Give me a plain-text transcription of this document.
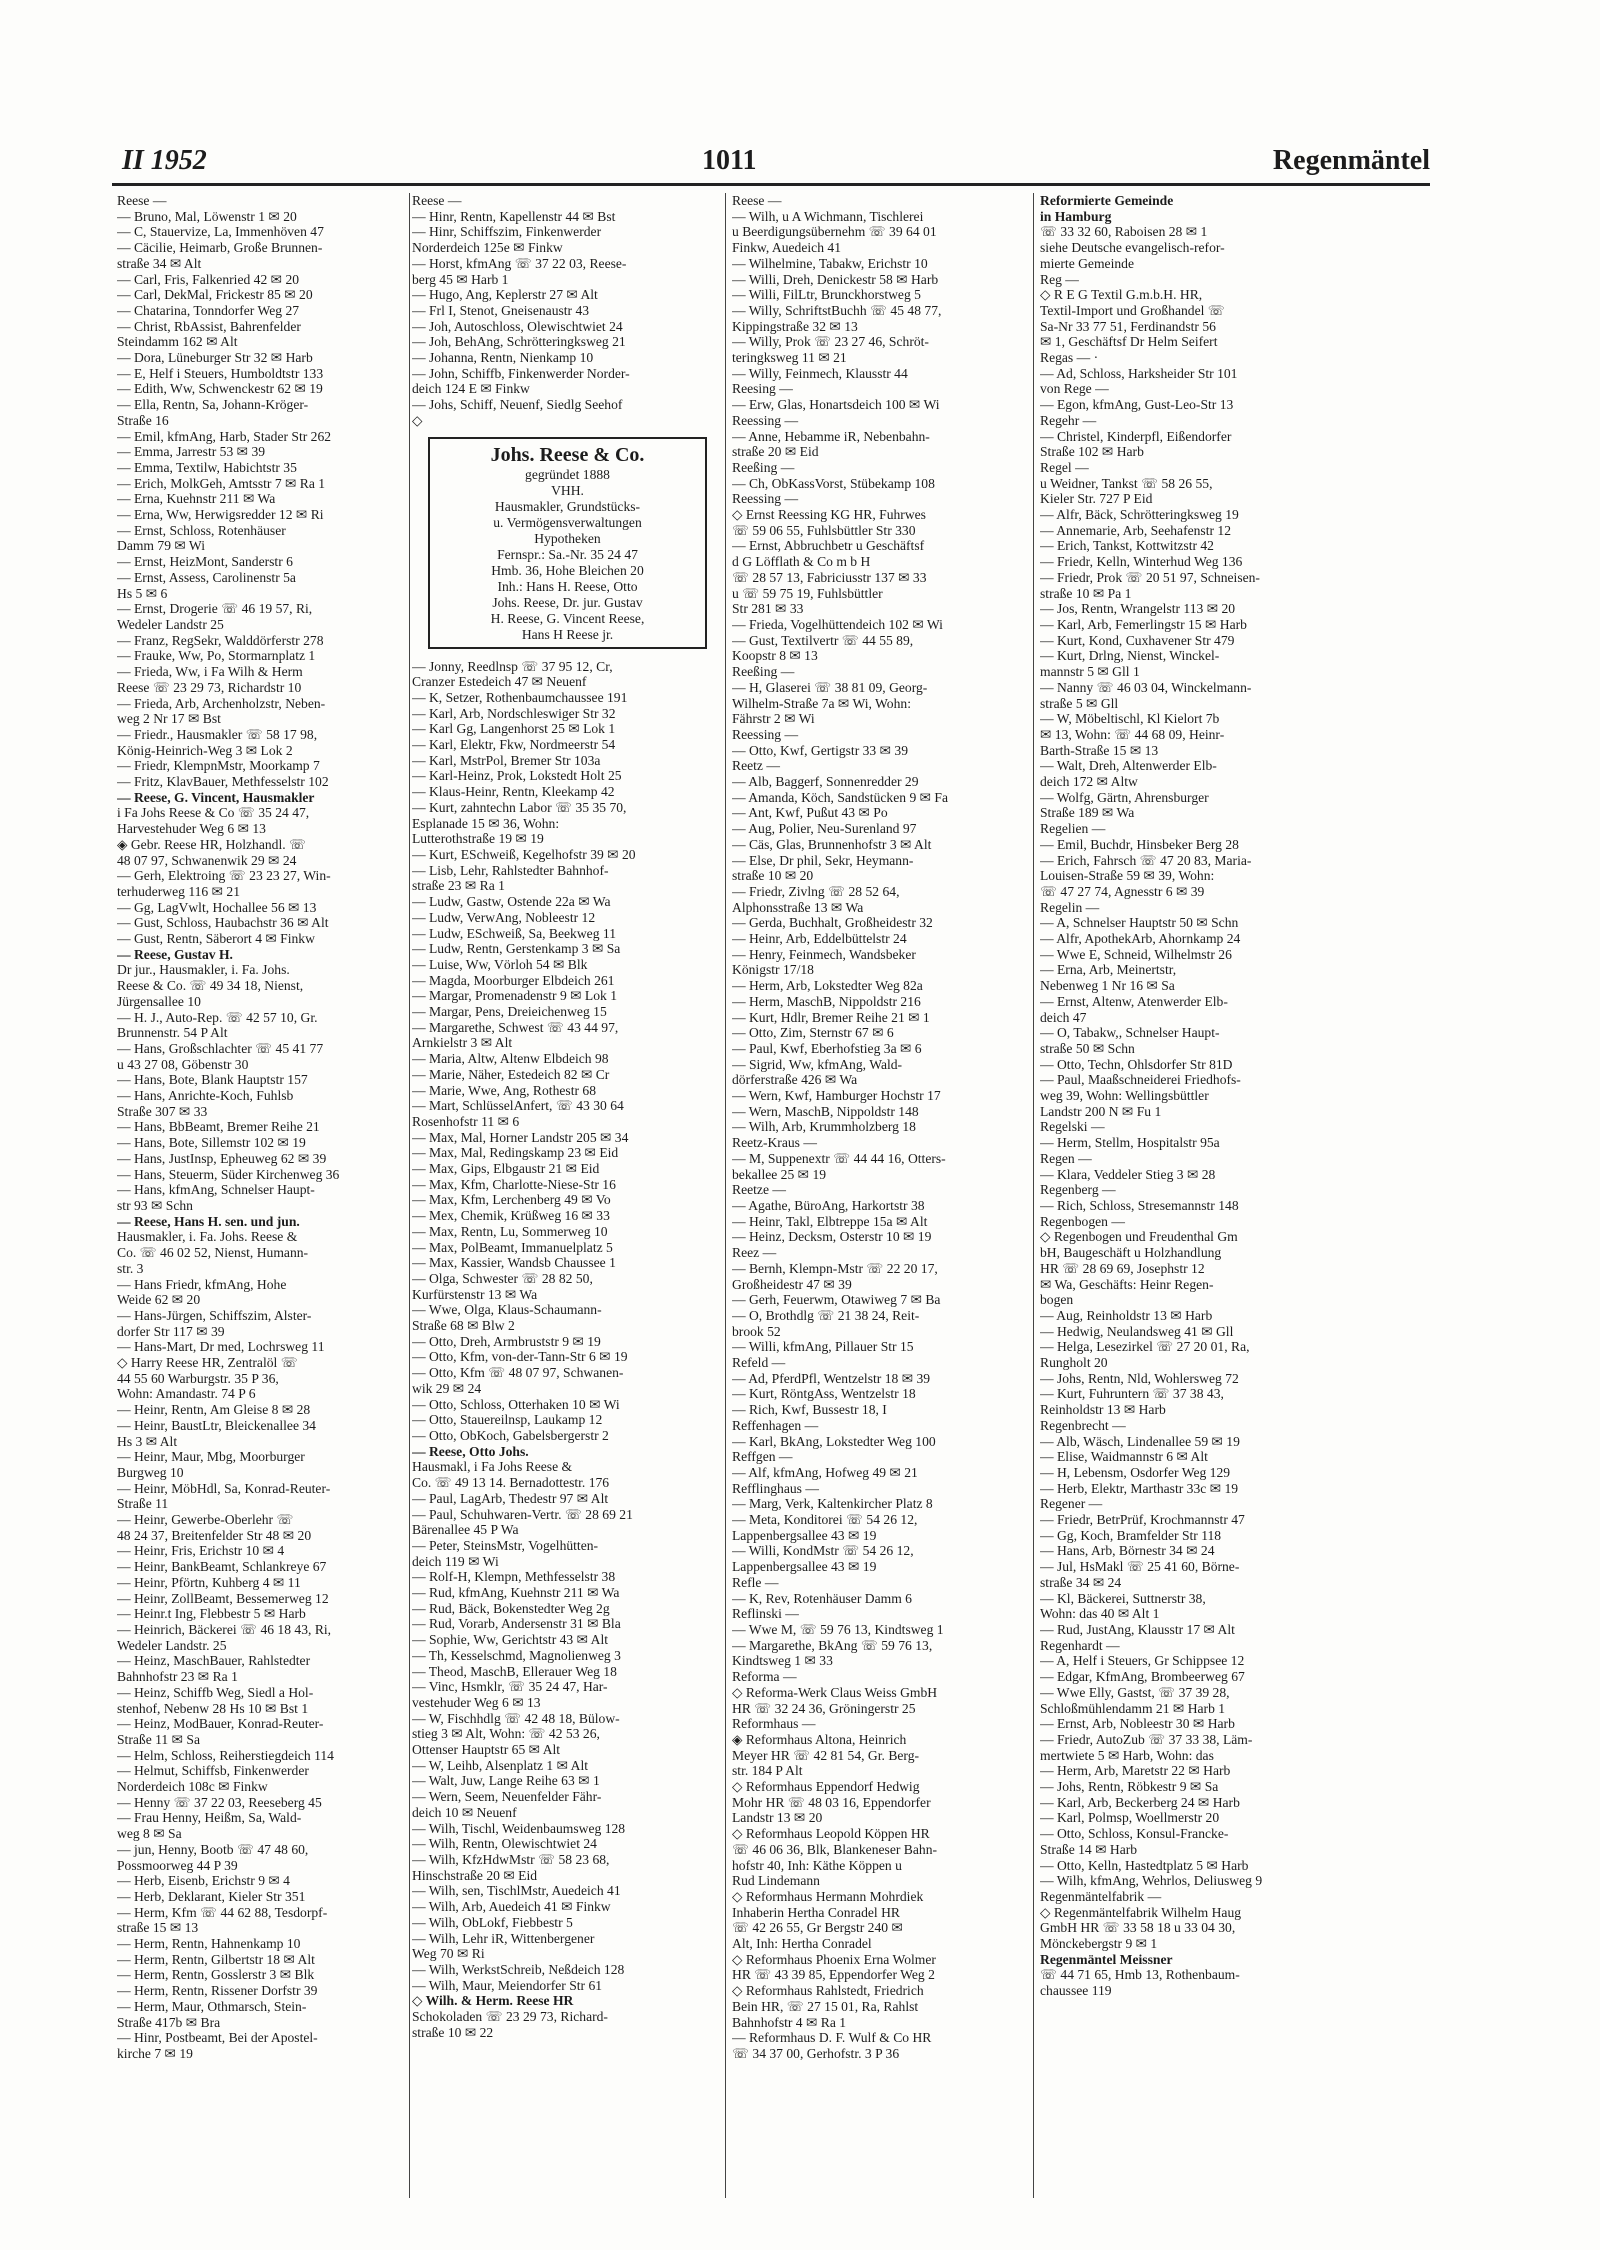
II 1952	1011	Regenmäntel
Reese —
— Bruno, Mal, Löwenstr 1 ✉ 20
— C, Stauervize, La, Immenhöven 47
— Cäcilie, Heimarb, Große Brunnen-
straße 34 ✉ Alt
— Carl, Fris, Falkenried 42 ✉ 20
— Carl, DekMal, Frickestr 85 ✉ 20
— Chatarina, Tonndorfer Weg 27
— Christ, RbAssist, Bahrenfelder
Steindamm 162 ✉ Alt
— Dora, Lüneburger Str 32 ✉ Harb
— E, Helf i Steuers, Humboldtstr 133
— Edith, Ww, Schwenckestr 62 ✉ 19
— Ella, Rentn, Sa, Johann-Kröger-
Straße 16
— Emil, kfmAng, Harb, Stader Str 262
— Emma, Jarrestr 53 ✉ 39
— Emma, Textilw, Habichtstr 35
— Erich, MolkGeh, Amtsstr 7 ✉ Ra 1
— Erna, Kuehnstr 211 ✉ Wa
— Erna, Ww, Herwigsredder 12 ✉ Ri
— Ernst, Schloss, Rotenhäuser
Damm 79 ✉ Wi
— Ernst, HeizMont, Sanderstr 6
— Ernst, Assess, Carolinenstr 5a
Hs 5 ✉ 6
— Ernst, Drogerie ☏ 46 19 57, Ri,
Wedeler Landstr 25
— Franz, RegSekr, Walddörferstr 278
— Frauke, Ww, Po, Stormarnplatz 1
— Frieda, Ww, i Fa Wilh & Herm
Reese ☏ 23 29 73, Richardstr 10
— Frieda, Arb, Archenholzstr, Neben-
weg 2 Nr 17 ✉ Bst
— Friedr., Hausmakler ☏ 58 17 98,
König-Heinrich-Weg 3 ✉ Lok 2
— Friedr, KlempnMstr, Moorkamp 7
— Fritz, KlavBauer, Methfesselstr 102
— Reese, G. Vincent, Hausmakler
i Fa Johs Reese & Co ☏ 35 24 47,
Harvestehuder Weg 6 ✉ 13
◈ Gebr. Reese HR, Holzhandl. ☏
48 07 97, Schwanenwik 29 ✉ 24
— Gerh, Elektroing ☏ 23 23 27, Win-
terhuderweg 116 ✉ 21
— Gg, LagVwlt, Hochallee 56 ✉ 13
— Gust, Schloss, Haubachstr 36 ✉ Alt
— Gust, Rentn, Säberort 4 ✉ Finkw
— Reese, Gustav H.
Dr jur., Hausmakler, i. Fa. Johs.
Reese & Co. ☏ 49 34 18, Nienst,
Jürgensallee 10
— H. J., Auto-Rep. ☏ 42 57 10, Gr.
Brunnenstr. 54 P Alt
— Hans, Großschlachter ☏ 45 41 77
u 43 27 08, Göbenstr 30
— Hans, Bote, Blank Hauptstr 157
— Hans, Anrichte-Koch, Fuhlsb
Straße 307 ✉ 33
— Hans, BbBeamt, Bremer Reihe 21
— Hans, Bote, Sillemstr 102 ✉ 19
— Hans, JustInsp, Epheuweg 62 ✉ 39
— Hans, Steuerm, Süder Kirchenweg 36
— Hans, kfmAng, Schnelser Haupt-
str 93 ✉ Schn
— Reese, Hans H. sen. und jun.
Hausmakler, i. Fa. Johs. Reese &
Co. ☏ 46 02 52, Nienst, Humann-
str. 3
— Hans Friedr, kfmAng, Hohe
Weide 62 ✉ 20
— Hans-Jürgen, Schiffszim, Alster-
dorfer Str 117 ✉ 39
— Hans-Mart, Dr med, Lochrsweg 11
◇ Harry Reese HR, Zentralöl ☏
44 55 60 Warburgstr. 35 P 36,
Wohn: Amandastr. 74 P 6
— Heinr, Rentn, Am Gleise 8 ✉ 28
— Heinr, BaustLtr, Bleickenallee 34
Hs 3 ✉ Alt
— Heinr, Maur, Mbg, Moorburger
Burgweg 10
— Heinr, MöbHdl, Sa, Konrad-Reuter-
Straße 11
— Heinr, Gewerbe-Oberlehr ☏
48 24 37, Breitenfelder Str 48 ✉ 20
— Heinr, Fris, Erichstr 10 ✉ 4
— Heinr, BankBeamt, Schlankreye 67
— Heinr, Pförtn, Kuhberg 4 ✉ 11
— Heinr, ZollBeamt, Bessemerweg 12
— Heinr.t Ing, Flebbestr 5 ✉ Harb
— Heinrich, Bäckerei ☏ 46 18 43, Ri,
Wedeler Landstr. 25
— Heinz, MaschBauer, Rahlstedter
Bahnhofstr 23 ✉ Ra 1
— Heinz, Schiffb Weg, Siedl a Hol-
stenhof, Nebenw 28 Hs 10 ✉ Bst 1
— Heinz, ModBauer, Konrad-Reuter-
Straße 11 ✉ Sa
— Helm, Schloss, Reiherstiegdeich 114
— Helmut, Schiffsb, Finkenwerder
Norderdeich 108c ✉ Finkw
— Henny ☏ 37 22 03, Reeseberg 45
— Frau Henny, Heißm, Sa, Wald-
weg 8 ✉ Sa
— jun, Henny, Bootb ☏ 47 48 60,
Possmoorweg 44 P 39
— Herb, Eisenb, Erichstr 9 ✉ 4
— Herb, Deklarant, Kieler Str 351
— Herm, Kfm ☏ 44 62 88, Tesdorpf-
straße 15 ✉ 13
— Herm, Rentn, Hahnenkamp 10
— Herm, Rentn, Gilbertstr 18 ✉ Alt
— Herm, Rentn, Gosslerstr 3 ✉ Blk
— Herm, Rentn, Rissener Dorfstr 39
— Herm, Maur, Othmarsch, Stein-
Straße 417b ✉ Bra
— Hinr, Postbeamt, Bei der Apostel-
kirche 7 ✉ 19
Reese —
— Hinr, Rentn, Kapellenstr 44 ✉ Bst
— Hinr, Schiffszim, Finkenwerder
Norderdeich 125e ✉ Finkw
— Horst, kfmAng ☏ 37 22 03, Reese-
berg 45 ✉ Harb 1
— Hugo, Ang, Keplerstr 27 ✉ Alt
— Frl I, Stenot, Gneisenaustr 43
— Joh, Autoschloss, Olewischtwiet 24
— Joh, BehAng, Schrötteringksweg 21
— Johanna, Rentn, Nienkamp 10
— John, Schiffb, Finkenwerder Norder-
deich 124 E ✉ Finkw
— Johs, Schiff, Neuenf, Siedlg Seehof
◇
Johs. Reese & Co.
gegründet 1888
VHH.
Hausmakler, Grundstücks-
u. Vermögensverwaltungen
Hypotheken
Fernspr.: Sa.-Nr. 35 24 47
Hmb. 36, Hohe Bleichen 20
Inh.: Hans H. Reese, Otto
Johs. Reese, Dr. jur. Gustav
H. Reese, G. Vincent Reese,
Hans H Reese jr.
— Jonny, Reedlnsp ☏ 37 95 12, Cr,
Cranzer Estedeich 47 ✉ Neuenf
— K, Setzer, Rothenbaumchaussee 191
— Karl, Arb, Nordschleswiger Str 32
— Karl Gg, Langenhorst 25 ✉ Lok 1
— Karl, Elektr, Fkw, Nordmeerstr 54
— Karl, MstrPol, Bremer Str 103a
— Karl-Heinz, Prok, Lokstedt Holt 25
— Klaus-Heinr, Rentn, Kleekamp 42
— Kurt, zahntechn Labor ☏ 35 35 70,
Esplanade 15 ✉ 36, Wohn:
Lutterothstraße 19 ✉ 19
— Kurt, ESchweiß, Kegelhofstr 39 ✉ 20
— Lisb, Lehr, Rahlstedter Bahnhof-
straße 23 ✉ Ra 1
— Ludw, Gastw, Ostende 22a ✉ Wa
— Ludw, VerwAng, Nobleestr 12
— Ludw, ESchweiß, Sa, Beekweg 11
— Ludw, Rentn, Gerstenkamp 3 ✉ Sa
— Luise, Ww, Vörloh 54 ✉ Blk
— Magda, Moorburger Elbdeich 261
— Margar, Promenadenstr 9 ✉ Lok 1
— Margar, Pens, Dreieichenweg 15
— Margarethe, Schwest ☏ 43 44 97,
Arnkielstr 3 ✉ Alt
— Maria, Altw, Altenw Elbdeich 98
— Marie, Näher, Estedeich 82 ✉ Cr
— Marie, Wwe, Ang, Rothestr 68
— Mart, SchlüsselAnfert, ☏ 43 30 64
Rosenhofstr 11 ✉ 6
— Max, Mal, Horner Landstr 205 ✉ 34
— Max, Mal, Redingskamp 23 ✉ Eid
— Max, Gips, Elbgaustr 21 ✉ Eid
— Max, Kfm, Charlotte-Niese-Str 16
— Max, Kfm, Lerchenberg 49 ✉ Vo
— Mex, Chemik, Krüßweg 16 ✉ 33
— Max, Rentn, Lu, Sommerweg 10
— Max, PolBeamt, Immanuelplatz 5
— Max, Kassier, Wandsb Chaussee 1
— Olga, Schwester ☏ 28 82 50,
Kurfürstenstr 13 ✉ Wa
— Wwe, Olga, Klaus-Schaumann-
Straße 68 ✉ Blw 2
— Otto, Dreh, Armbruststr 9 ✉ 19
— Otto, Kfm, von-der-Tann-Str 6 ✉ 19
— Otto, Kfm ☏ 48 07 97, Schwanen-
wik 29 ✉ 24
— Otto, Schloss, Otterhaken 10 ✉ Wi
— Otto, Stauereilnsp, Laukamp 12
— Otto, ObKoch, Gabelsbergerstr 2
— Reese, Otto Johs.
Hausmakl, i Fa Johs Reese &
Co. ☏ 49 13 14. Bernadottestr. 176
— Paul, LagArb, Thedestr 97 ✉ Alt
— Paul, Schuhwaren-Vertr. ☏ 28 69 21
Bärenallee 45 P Wa
— Peter, SteinsMstr, Vogelhütten-
deich 119 ✉ Wi
— Rolf-H, Klempn, Methfesselstr 38
— Rud, kfmAng, Kuehnstr 211 ✉ Wa
— Rud, Bäck, Bokenstedter Weg 2g
— Rud, Vorarb, Andersenstr 31 ✉ Bla
— Sophie, Ww, Gerichtstr 43 ✉ Alt
— Th, Kesselschmd, Magnolienweg 3
— Theod, MaschB, Ellerauer Weg 18
— Vinc, Hsmklr, ☏ 35 24 47, Har-
vestehuder Weg 6 ✉ 13
— W, Fischhdlg ☏ 42 48 18, Bülow-
stieg 3 ✉ Alt, Wohn: ☏ 42 53 26,
Ottenser Hauptstr 65 ✉ Alt
— W, Leihb, Alsenplatz 1 ✉ Alt
— Walt, Juw, Lange Reihe 63 ✉ 1
— Wern, Seem, Neuenfelder Fähr-
deich 10 ✉ Neuenf
— Wilh, Tischl, Weidenbaumsweg 128
— Wilh, Rentn, Olewischtwiet 24
— Wilh, KfzHdwMstr ☏ 58 23 68,
Hinschstraße 20 ✉ Eid
— Wilh, sen, TischlMstr, Auedeich 41
— Wilh, Arb, Auedeich 41 ✉ Finkw
— Wilh, ObLokf, Fiebbestr 5
— Wilh, Lehr iR, Wittenbergener
Weg 70 ✉ Ri
— Wilh, WerkstSchreib, Neßdeich 128
— Wilh, Maur, Meiendorfer Str 61
◇ Wilh. & Herm. Reese HR
Schokoladen ☏ 23 29 73, Richard-
straße 10 ✉ 22
Reese —
— Wilh, u A Wichmann, Tischlerei
u Beerdigungsübernehm ☏ 39 64 01
Finkw, Auedeich 41
— Wilhelmine, Tabakw, Erichstr 10
— Willi, Dreh, Denickestr 58 ✉ Harb
— Willi, FilLtr, Brunckhorstweg 5
— Willy, SchriftstBuchh ☏ 45 48 77,
Kippingstraße 32 ✉ 13
— Willy, Prok ☏ 23 27 46, Schröt-
teringksweg 11 ✉ 21
— Willy, Feinmech, Klausstr 44
Reesing —
— Erw, Glas, Honartsdeich 100 ✉ Wi
Reessing —
— Anne, Hebamme iR, Nebenbahn-
straße 20 ✉ Eid
Reeßing —
— Ch, ObKassVorst, Stübekamp 108
Reessing —
◇ Ernst Reessing KG HR, Fuhrwes
☏ 59 06 55, Fuhlsbüttler Str 330
— Ernst, Abbruchbetr u Geschäftsf
d G Löfflath & Co m b H
☏ 28 57 13, Fabriciusstr 137 ✉ 33
u ☏ 59 75 19, Fuhlsbüttler
Str 281 ✉ 33
— Frieda, Vogelhüttendeich 102 ✉ Wi
— Gust, Textilvertr ☏ 44 55 89,
Koopstr 8 ✉ 13
Reeßing —
— H, Glaserei ☏ 38 81 09, Georg-
Wilhelm-Straße 7a ✉ Wi, Wohn:
Fährstr 2 ✉ Wi
Reessing —
— Otto, Kwf, Gertigstr 33 ✉ 39
Reetz —
— Alb, Baggerf, Sonnenredder 29
— Amanda, Köch, Sandstücken 9 ✉ Fa
— Ant, Kwf, Pußut 43 ✉ Po
— Aug, Polier, Neu-Surenland 97
— Cäs, Glas, Brunnenhofstr 3 ✉ Alt
— Else, Dr phil, Sekr, Heymann-
straße 10 ✉ 20
— Friedr, Zivlng ☏ 28 52 64,
Alphonsstraße 13 ✉ Wa
— Gerda, Buchhalt, Großheidestr 32
— Heinr, Arb, Eddelbüttelstr 24
— Henry, Feinmech, Wandsbeker
Königstr 17/18
— Herm, Arb, Lokstedter Weg 82a
— Herm, MaschB, Nippoldstr 216
— Kurt, Hdlr, Bremer Reihe 21 ✉ 1
— Otto, Zim, Sternstr 67 ✉ 6
— Paul, Kwf, Eberhofstieg 3a ✉ 6
— Sigrid, Ww, kfmAng, Wald-
dörferstraße 426 ✉ Wa
— Wern, Kwf, Hamburger Hochstr 17
— Wern, MaschB, Nippoldstr 148
— Wilh, Arb, Krummholzberg 18
Reetz-Kraus —
— M, Suppenextr ☏ 44 44 16, Otters-
bekallee 25 ✉ 19
Reetze —
— Agathe, BüroAng, Harkortstr 38
— Heinr, Takl, Elbtreppe 15a ✉ Alt
— Heinz, Decksm, Osterstr 10 ✉ 19
Reez —
— Bernh, Klempn-Mstr ☏ 22 20 17,
Großheidestr 47 ✉ 39
— Gerh, Feuerwm, Otawiweg 7 ✉ Ba
— O, Brothdlg ☏ 21 38 24, Reit-
brook 52
— Willi, kfmAng, Pillauer Str 15
Refeld —
— Ad, PferdPfl, Wentzelstr 18 ✉ 39
— Kurt, RöntgAss, Wentzelstr 18
— Rich, Kwf, Bussestr 18, I
Reffenhagen —
— Karl, BkAng, Lokstedter Weg 100
Reffgen —
— Alf, kfmAng, Hofweg 49 ✉ 21
Refflinghaus —
— Marg, Verk, Kaltenkircher Platz 8
— Meta, Konditorei ☏ 54 26 12,
Lappenbergsallee 43 ✉ 19
— Willi, KondMstr ☏ 54 26 12,
Lappenbergsallee 43 ✉ 19
Refle —
— K, Rev, Rotenhäuser Damm 6
Reflinski —
— Wwe M, ☏ 59 76 13, Kindtsweg 1
— Margarethe, BkAng ☏ 59 76 13,
Kindtsweg 1 ✉ 33
Reforma —
◇ Reforma-Werk Claus Weiss GmbH
HR ☏ 32 24 36, Gröningerstr 25
Reformhaus —
◈ Reformhaus Altona, Heinrich
Meyer HR ☏ 42 81 54, Gr. Berg-
str. 184 P Alt
◇ Reformhaus Eppendorf Hedwig
Mohr HR ☏ 48 03 16, Eppendorfer
Landstr 13 ✉ 20
◇ Reformhaus Leopold Köppen HR
☏ 46 06 36, Blk, Blankeneser Bahn-
hofstr 40, Inh: Käthe Köppen u
Rud Lindemann
◇ Reformhaus Hermann Mohrdiek
Inhaberin Hertha Conradel HR
☏ 42 26 55, Gr Bergstr 240 ✉
Alt, Inh: Hertha Conradel
◇ Reformhaus Phoenix Erna Wolmer
HR ☏ 43 39 85, Eppendorfer Weg 2
◇ Reformhaus Rahlstedt, Friedrich
Bein HR, ☏ 27 15 01, Ra, Rahlst
Bahnhofstr 4 ✉ Ra 1
— Reformhaus D. F. Wulf & Co HR
☏ 34 37 00, Gerhofstr. 3 P 36
Reformierte Gemeinde
in Hamburg
☏ 33 32 60, Raboisen 28 ✉ 1
siehe Deutsche evangelisch-refor-
mierte Gemeinde
Reg —
◇ R E G Textil G.m.b.H. HR,
Textil-Import und Großhandel ☏
Sa-Nr 33 77 51, Ferdinandstr 56
✉ 1, Geschäftsf Dr Helm Seifert
Regas — ·
— Ad, Schloss, Harksheider Str 101
von Rege —
— Egon, kfmAng, Gust-Leo-Str 13
Regehr —
— Christel, Kinderpfl, Eißendorfer
Straße 102 ✉ Harb
Regel —
u Weidner, Tankst ☏ 58 26 55,
Kieler Str. 727 P Eid
— Alfr, Bäck, Schrötteringksweg 19
— Annemarie, Arb, Seehafenstr 12
— Erich, Tankst, Kottwitzstr 42
— Friedr, Kelln, Winterhud Weg 136
— Friedr, Prok ☏ 20 51 97, Schneisen-
straße 10 ✉ Pa 1
— Jos, Rentn, Wrangelstr 113 ✉ 20
— Karl, Arb, Femerlingstr 15 ✉ Harb
— Kurt, Kond, Cuxhavener Str 479
— Kurt, Drlng, Nienst, Winckel-
mannstr 5 ✉ Gll 1
— Nanny ☏ 46 03 04, Winckelmann-
straße 5 ✉ Gll
— W, Möbeltischl, Kl Kielort 7b
✉ 13, Wohn: ☏ 44 68 09, Heinr-
Barth-Straße 15 ✉ 13
— Walt, Dreh, Altenwerder Elb-
deich 172 ✉ Altw
— Wolfg, Gärtn, Ahrensburger
Straße 189 ✉ Wa
Regelien —
— Emil, Buchdr, Hinsbeker Berg 28
— Erich, Fahrsch ☏ 47 20 83, Maria-
Louisen-Straße 59 ✉ 39, Wohn:
☏ 47 27 74, Agnesstr 6 ✉ 39
Regelin —
— A, Schnelser Hauptstr 50 ✉ Schn
— Alfr, ApothekArb, Ahornkamp 24
— Wwe E, Schneid, Wilhelmstr 26
— Erna, Arb, Meinertstr,
Nebenweg 1 Nr 16 ✉ Sa
— Ernst, Altenw, Atenwerder Elb-
deich 47
— O, Tabakw,, Schnelser Haupt-
straße 50 ✉ Schn
— Otto, Techn, Ohlsdorfer Str 81D
— Paul, Maaßschneiderei Friedhofs-
weg 39, Wohn: Wellingsbüttler
Landstr 200 N ✉ Fu 1
Regelski —
— Herm, Stellm, Hospitalstr 95a
Regen —
— Klara, Veddeler Stieg 3 ✉ 28
Regenberg —
— Rich, Schloss, Stresemannstr 148
Regenbogen —
◇ Regenbogen und Freudenthal Gm
bH, Baugeschäft u Holzhandlung
HR ☏ 28 69 69, Josephstr 12
✉ Wa, Geschäfts: Heinr Regen-
bogen
— Aug, Reinholdstr 13 ✉ Harb
— Hedwig, Neulandsweg 41 ✉ Gll
— Helga, Lesezirkel ☏ 27 20 01, Ra,
Rungholt 20
— Johs, Rentn, Nld, Wohlersweg 72
— Kurt, Fuhruntern ☏ 37 38 43,
Reinholdstr 13 ✉ Harb
Regenbrecht —
— Alb, Wäsch, Lindenallee 59 ✉ 19
— Elise, Waidmannstr 6 ✉ Alt
— H, Lebensm, Osdorfer Weg 129
— Herb, Elektr, Marthastr 33c ✉ 19
Regener —
— Friedr, BetrPrüf, Krochmannstr 47
— Gg, Koch, Bramfelder Str 118
— Hans, Arb, Börnestr 34 ✉ 24
— Jul, HsMakl ☏ 25 41 60, Börne-
straße 34 ✉ 24
— Kl, Bäckerei, Suttnerstr 38,
Wohn: das 40 ✉ Alt 1
— Rud, JustAng, Klausstr 17 ✉ Alt
Regenhardt —
— A, Helf i Steuers, Gr Schippsee 12
— Edgar, KfmAng, Brombeerweg 67
— Wwe Elly, Gastst, ☏ 37 39 28,
Schloßmühlendamm 21 ✉ Harb 1
— Ernst, Arb, Nobleestr 30 ✉ Harb
— Friedr, AutoZub ☏ 37 33 38, Läm-
mertwiete 5 ✉ Harb, Wohn: das
— Herm, Arb, Maretstr 22 ✉ Harb
— Johs, Rentn, Röbkestr 9 ✉ Sa
— Karl, Arb, Beckerberg 24 ✉ Harb
— Karl, Polmsp, Woellmerstr 20
— Otto, Schloss, Konsul-Francke-
Straße 14 ✉ Harb
— Otto, Kelln, Hastedtplatz 5 ✉ Harb
— Wilh, kfmAng, Wehrlos, Deliusweg 9
Regenmäntelfabrik —
◇ Regenmäntelfabrik Wilhelm Haug
GmbH HR ☏ 33 58 18 u 33 04 30,
Mönckebergstr 9 ✉ 1
Regenmäntel Meissner
☏ 44 71 65, Hmb 13, Rothenbaum-
chaussee 119
